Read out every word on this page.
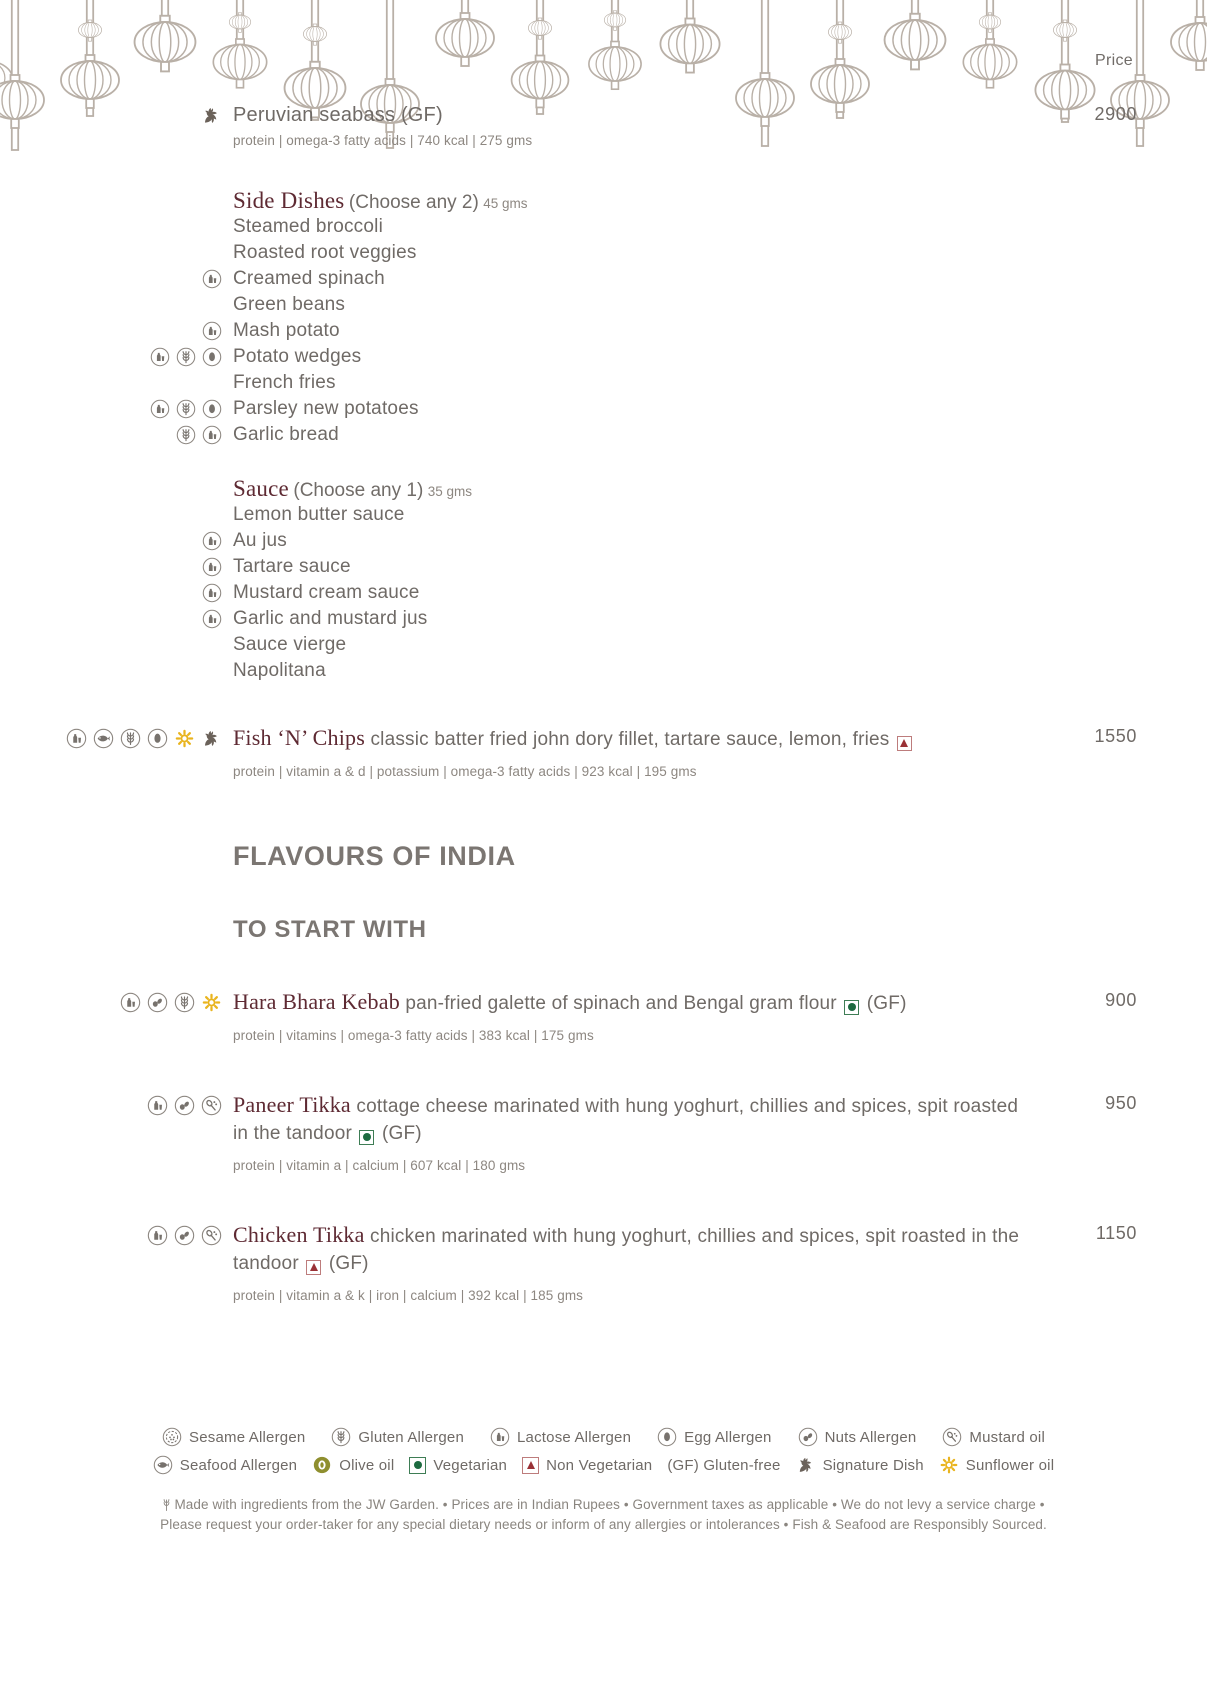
Price
Peruvian seabass (GF)
protein | omega-3 fatty acids | 740 kcal | 275 gms
2900
Side Dishes (Choose any 2) 45 gms
Steamed broccoli
Roasted root veggies
Creamed spinach
Green beans
Mash potato
Potato wedges
French fries
Parsley new potatoes
Garlic bread
Sauce (Choose any 1) 35 gms
Lemon butter sauce
Au jus
Tartare sauce
Mustard cream sauce
Garlic and mustard jus
Sauce vierge
Napolitana
Fish ‘N’ Chips classic batter fried john dory fillet, tartare sauce, lemon, fries
protein | vitamin a & d | potassium | omega-3 fatty acids | 923 kcal | 195 gms
1550
FLAVOURS OF INDIA
TO START WITH
Hara Bhara Kebab pan-fried galette of spinach and Bengal gram flour (GF)
protein | vitamins | omega-3 fatty acids | 383 kcal | 175 gms
900
Paneer Tikka cottage cheese marinated with hung yoghurt, chillies and spices, spit roasted in the tandoor (GF)
protein | vitamin a | calcium | 607 kcal | 180 gms
950
Chicken Tikka chicken marinated with hung yoghurt, chillies and spices, spit roasted in the tandoor (GF)
protein | vitamin a & k | iron | calcium | 392 kcal | 185 gms
1150
Sesame Allergen	Gluten Allergen	Lactose Allergen	Egg Allergen	Nuts Allergen	Mustard oil
Seafood Allergen	Olive oil	Vegetarian	Non Vegetarian (GF) Gluten-free	Signature Dish	Sunflower oil
Made with ingredients from the JW Garden. • Prices are in Indian Rupees • Government taxes as applicable • We do not levy a service charge •
Please request your order-taker for any special dietary needs or inform of any allergies or intolerances • Fish & Seafood are Responsibly Sourced.
